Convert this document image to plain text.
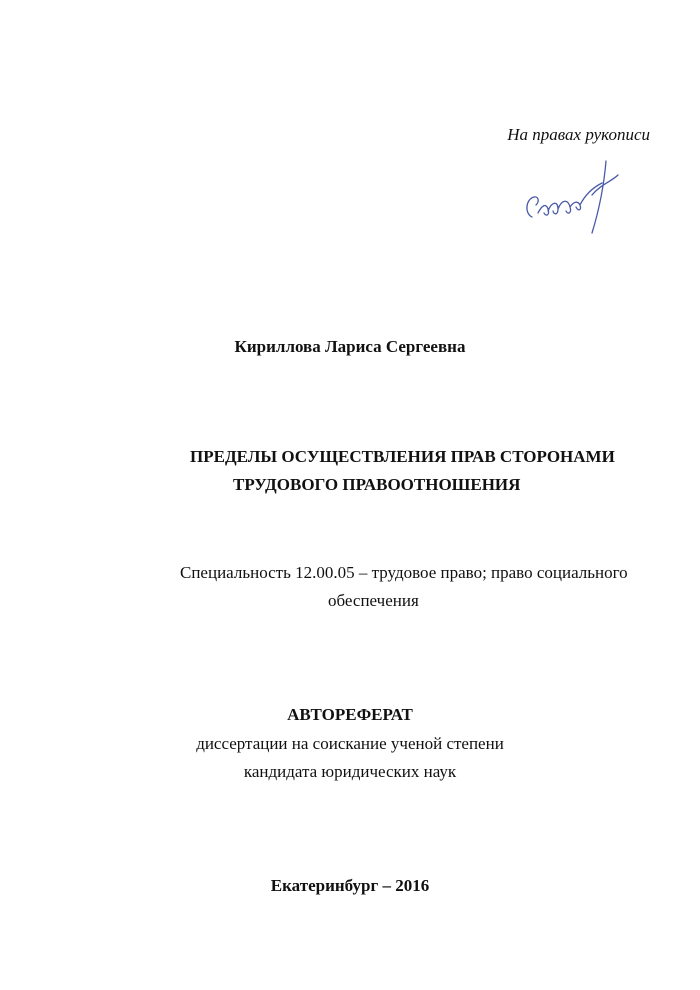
На правах рукописи
Кириллова Лариса Сергеевна
ПРЕДЕЛЫ ОСУЩЕСТВЛЕНИЯ ПРАВ СТОРОНАМИ
ТРУДОВОГО ПРАВООТНОШЕНИЯ
Специальность 12.00.05 – трудовое право; право социального
обеспечения
АВТОРЕФЕРАТ
диссертации на соискание ученой степени
кандидата юридических наук
Екатеринбург – 2016
